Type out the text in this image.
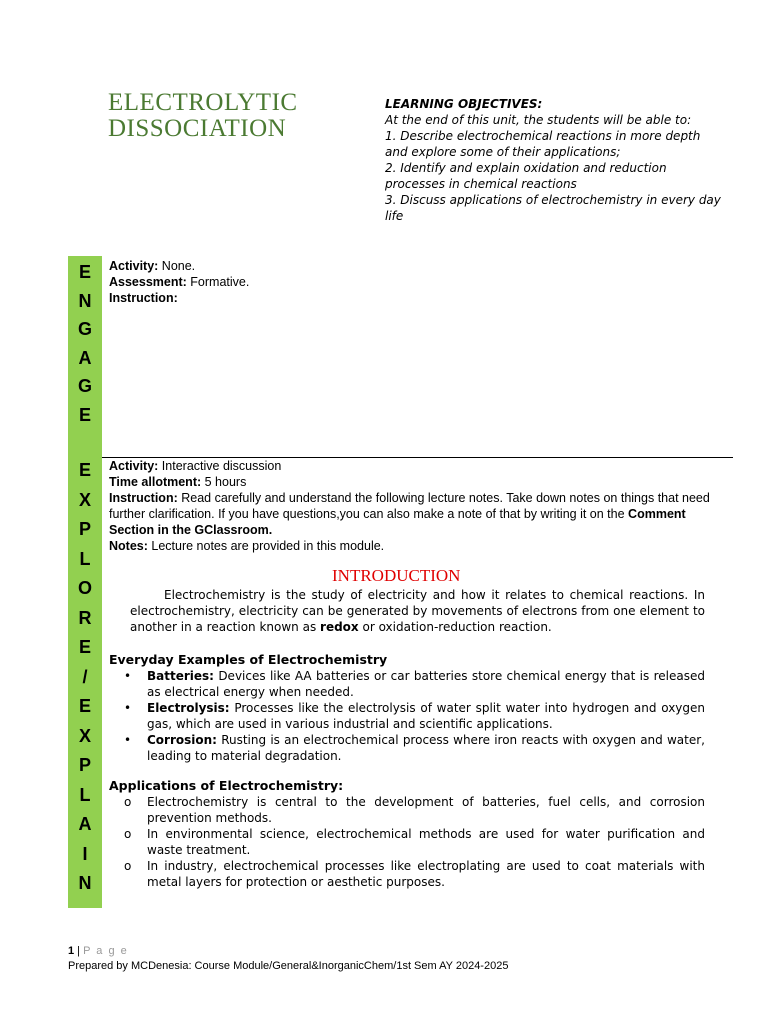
ELECTROLYTIC
DISSOCIATION
LEARNING OBJECTIVES:
At the end of this unit, the students will be able to:
1. Describe electrochemical reactions in more depth
and explore some of their applications;
2. Identify and explain oxidation and reduction
processes in chemical reactions
3. Discuss applications of electrochemistry in every day
life
E
N
G
A
G
E
E
X
P
L
O
R
E
/
E
X
P
L
A
I
N
Activity: None.
Assessment: Formative.
Instruction:
Activity: Interactive discussion
Time allotment: 5 hours

Instruction: Read carefully and understand the following lecture notes. Take down notes on things that need further clarification. If you have questions,you can also make a note of that by writing it on the Comment Section in the GClassroom.

Notes: Lecture notes are provided in this module.
INTRODUCTION

Electrochemistry is the study of electricity and how it relates to chemical reactions. In electrochemistry, electricity can be generated by movements of electrons from one element to another in a reaction known as redox or oxidation-reduction reaction.

Everyday Examples of Electrochemistry
• Batteries: Devices like AA batteries or car batteries store chemical energy that is released as electrical energy when needed.
• Electrolysis: Processes like the electrolysis of water split water into hydrogen and oxygen gas, which are used in various industrial and scientific applications.
• Corrosion: Rusting is an electrochemical process where iron reacts with oxygen and water, leading to material degradation.
Applications of Electrochemistry:
o Electrochemistry is central to the development of batteries, fuel cells, and corrosion prevention methods.
o In environmental science, electrochemical methods are used for water purification and waste treatment.
o In industry, electrochemical processes like electroplating are used to coat materials with metal layers for protection or aesthetic purposes.
1 | P a g e
Prepared by MCDenesia: Course Module/General&InorganicChem/1st Sem AY 2024-2025
